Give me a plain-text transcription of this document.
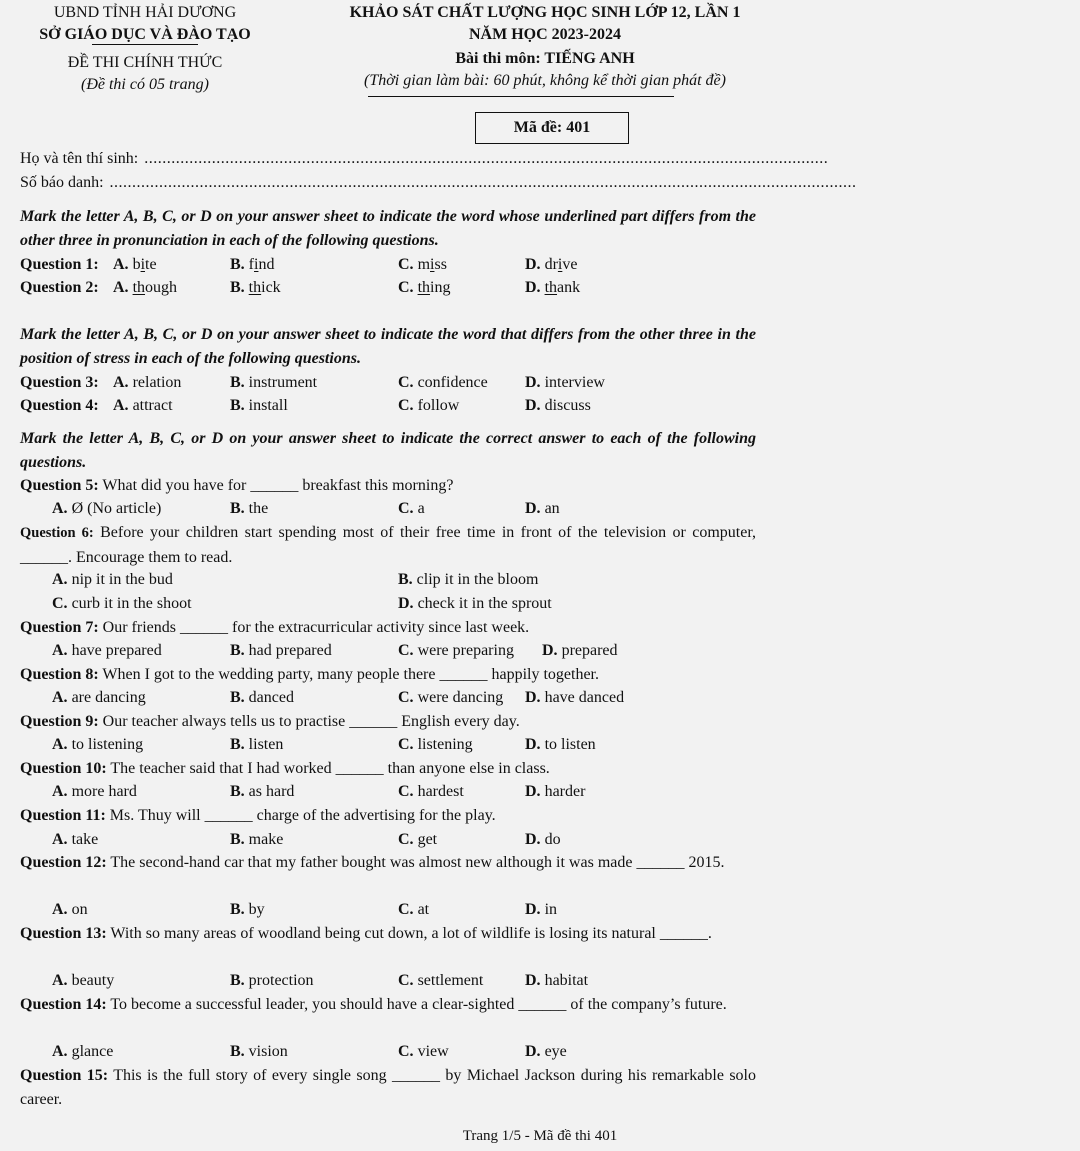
UBND TỈNH HẢI DƯƠNG
SỞ GIÁO DỤC VÀ ĐÀO TẠO
ĐỀ THI CHÍNH THỨC
(Đề thi có 05 trang)
KHẢO SÁT CHẤT LƯỢNG HỌC SINH LỚP 12, LẦN 1
NĂM HỌC 2023-2024
Bài thi môn: TIẾNG ANH
(Thời gian làm bài: 60 phút, không kể thời gian phát đề)
Mã đề: 401
Họ và tên thí sinh: ........................................................................................................................................................
Số báo danh: ......................................................................................................................................................................
Mark the letter A, B, C, or D on your answer sheet to indicate the word whose underlined part differs from the other three in pronunciation in each of the following questions.
Question 1: A. bite	B. find	C. miss	D. drive
Question 2: A. though	B. thick	C. thing	D. thank
Mark the letter A, B, C, or D on your answer sheet to indicate the word that differs from the other three in the position of stress in each of the following questions.
Question 3: A. relation	B. instrument	C. confidence D. interview
Question 4: A. attract	B. install	C. follow	D. discuss
Mark the letter A, B, C, or D on your answer sheet to indicate the correct answer to each of the following questions.
Question 5: What did you have for ______ breakfast this morning?
A. Ø (No article)	B. the	C. a	D. an
Question 6: Before your children start spending most of their free time in front of the television or computer, ______. Encourage them to read.
A. nip it in the bud	B. clip it in the bloom
C. curb it in the shoot	D. check it in the sprout
Question 7: Our friends ______ for the extracurricular activity since last week.
A. have prepared	B. had prepared	C. were preparing D. prepared
Question 8: When I got to the wedding party, many people there ______ happily together.
A. are dancing	B. danced	C. were dancing D. have danced
Question 9: Our teacher always tells us to practise ______ English every day.
A. to listening	B. listen	C. listening	D. to listen
Question 10: The teacher said that I had worked ______ than anyone else in class.
A. more hard	B. as hard	C. hardest	D. harder
Question 11: Ms. Thuy will ______ charge of the advertising for the play.
A. take	B. make	C. get	D. do
Question 12: The second-hand car that my father bought was almost new although it was made ______ 2015.
A. on	B. by	C. at	D. in
Question 13: With so many areas of woodland being cut down, a lot of wildlife is losing its natural ______.
A. beauty	B. protection	C. settlement	D. habitat
Question 14: To become a successful leader, you should have a clear-sighted ______ of the company’s future.
A. glance	B. vision	C. view	D. eye
Question 15: This is the full story of every single song ______ by Michael Jackson during his remarkable solo career.
Trang 1/5 - Mã đề thi 401
